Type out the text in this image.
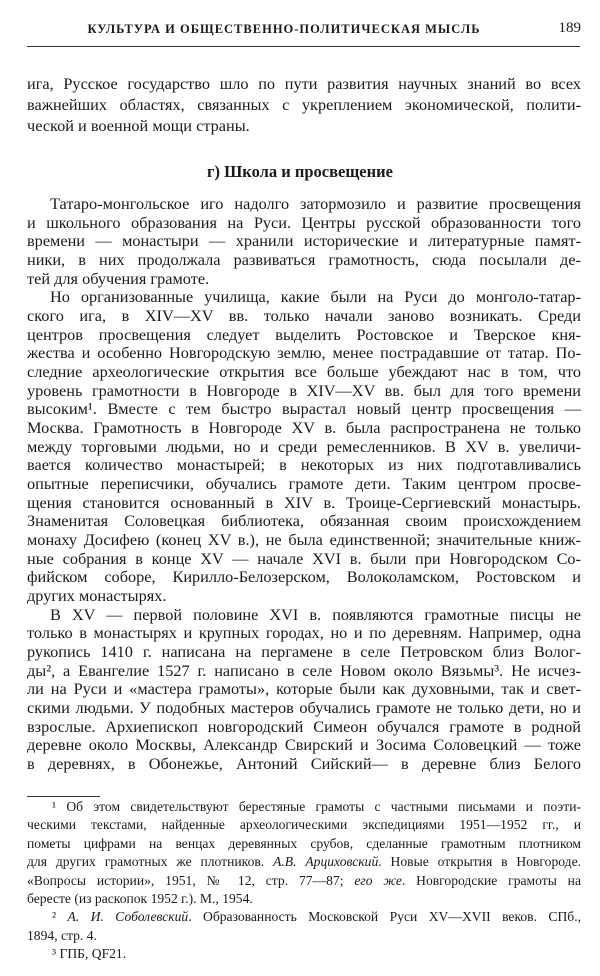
КУЛЬТУРА И ОБЩЕСТВЕННО-ПОЛИТИЧЕСКАЯ МЫСЛЬ	189
ига, Русское государство шло по пути развития научных знаний во всех
важнейших областях, связанных с укреплением экономической, полити-
ческой и военной мощи страны.
г) Школа и просвещение
Татаро-монгольское иго надолго затормозило и развитие просвещения
и школьного образования на Руси. Центры русской образованности того
времени — монастыри — хранили исторические и литературные памят-
ники, в них продолжала развиваться грамотность, сюда посылали де-
тей для обучения грамоте.
Но организованные училища, какие были на Руси до монголо-татар-
ского ига, в XIV—XV вв. только начали заново возникать. Среди
центров просвещения следует выделить Ростовское и Тверское кня-
жества и особенно Новгородскую землю, менее пострадавшие от татар. По-
следние археологические открытия все больше убеждают нас в том, что
уровень грамотности в Новгороде в XIV—XV вв. был для того времени
высоким¹. Вместе с тем быстро вырастал новый центр просвещения —
Москва. Грамотность в Новгороде XV в. была распространена не только
между торговыми людьми, но и среди ремесленников. В XV в. увеличи-
вается количество монастырей; в некоторых из них подготавливались
опытные переписчики, обучались грамоте дети. Таким центром просве-
щения становится основанный в XIV в. Троице-Сергиевский монастырь.
Знаменитая Соловецкая библиотека, обязанная своим происхождением
монаху Досифею (конец XV в.), не была единственной; значительные книж-
ные собрания в конце XV — начале XVI в. были при Новгородском Со-
фийском соборе, Кирилло-Белозерском, Волоколамском, Ростовском и
других монастырях.
В XV — первой половине XVI в. появляются грамотные писцы не
только в монастырях и крупных городах, но и по деревням. Например, одна
рукопись 1410 г. написана на пергамене в селе Петровском близ Волог-
ды², а Евангелие 1527 г. написано в селе Новом около Вязьмы³. Не исчез-
ли на Руси и «мастера грамоты», которые были как духовными, так и свет-
скими людьми. У подобных мастеров обучались грамоте не только дети, но и
взрослые. Архиепископ новгородский Симеон обучался грамоте в родной
деревне около Москвы, Александр Свирский и Зосима Соловецкий — тоже
в деревнях, в Обонежье, Антоний Сийский— в деревне близ Белого
¹ Об этом свидетельствуют берестяные грамоты с частными письмами и поэти-
ческими текстами, найденные археологическими экспедициями 1951—1952 гг., и
пометы цифрами на венцах деревянных срубов, сделанные грамотным плотником
для других грамотных же плотников. А.В. Арциховский. Новые открытия в Новгороде.
«Вопросы истории», 1951, № 12, стр. 77—87; его же. Новгородские грамоты на
бересте (из раскопок 1952 г.). М., 1954.
² А. И. Соболевский. Образованность Московской Руси XV—XVII веков. СПб.,
1894, стр. 4.
³ ГПБ, QF21.
